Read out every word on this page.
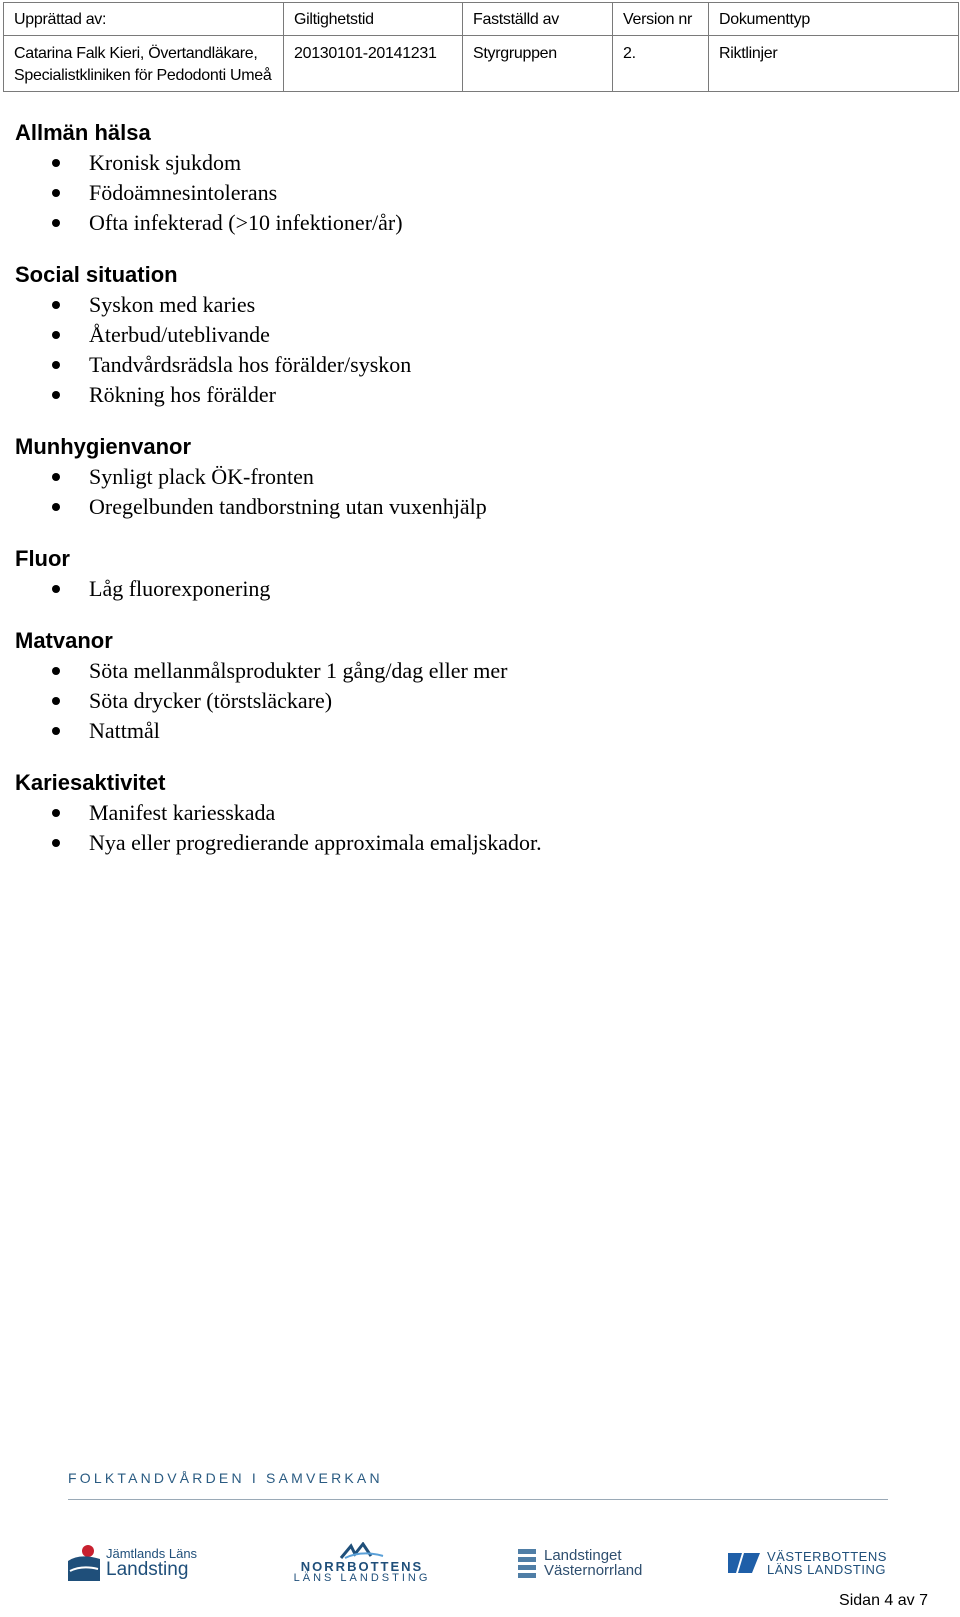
Upprättad av:	Giltighetstid	Fastställd av	Version nr	Dokumenttyp

Catarina Falk Kieri, Övertandläkare,
Specialistkliniken för Pedodonti Umeå	20130101-20141231	Styrgruppen	2.	Riktlinjer
Allmän hälsa
Kronisk sjukdom
Födoämnesintolerans
Ofta infekterad (>10 infektioner/år)
Social situation
Syskon med karies
Återbud/uteblivande
Tandvårdsrädsla hos förälder/syskon
Rökning hos förälder
Munhygienvanor
Synligt plack ÖK-fronten
Oregelbunden tandborstning utan vuxenhjälp
Fluor
Låg fluorexponering
Matvanor
Söta mellanmålsprodukter 1 gång/dag eller mer
Söta drycker (törstsläckare)
Nattmål
Kariesaktivitet
Manifest kariesskada
Nya eller progredierande approximala emaljskador.
FOLKTANDVÅRDEN I SAMVERKAN
Jämtlands Läns
Landsting	NORRBOTTENS
LÄNS LANDSTING
Landstinget
Västernorrland
VÄSTERBOTTENS
LÄNS LANDSTING
Sidan 4 av 7
